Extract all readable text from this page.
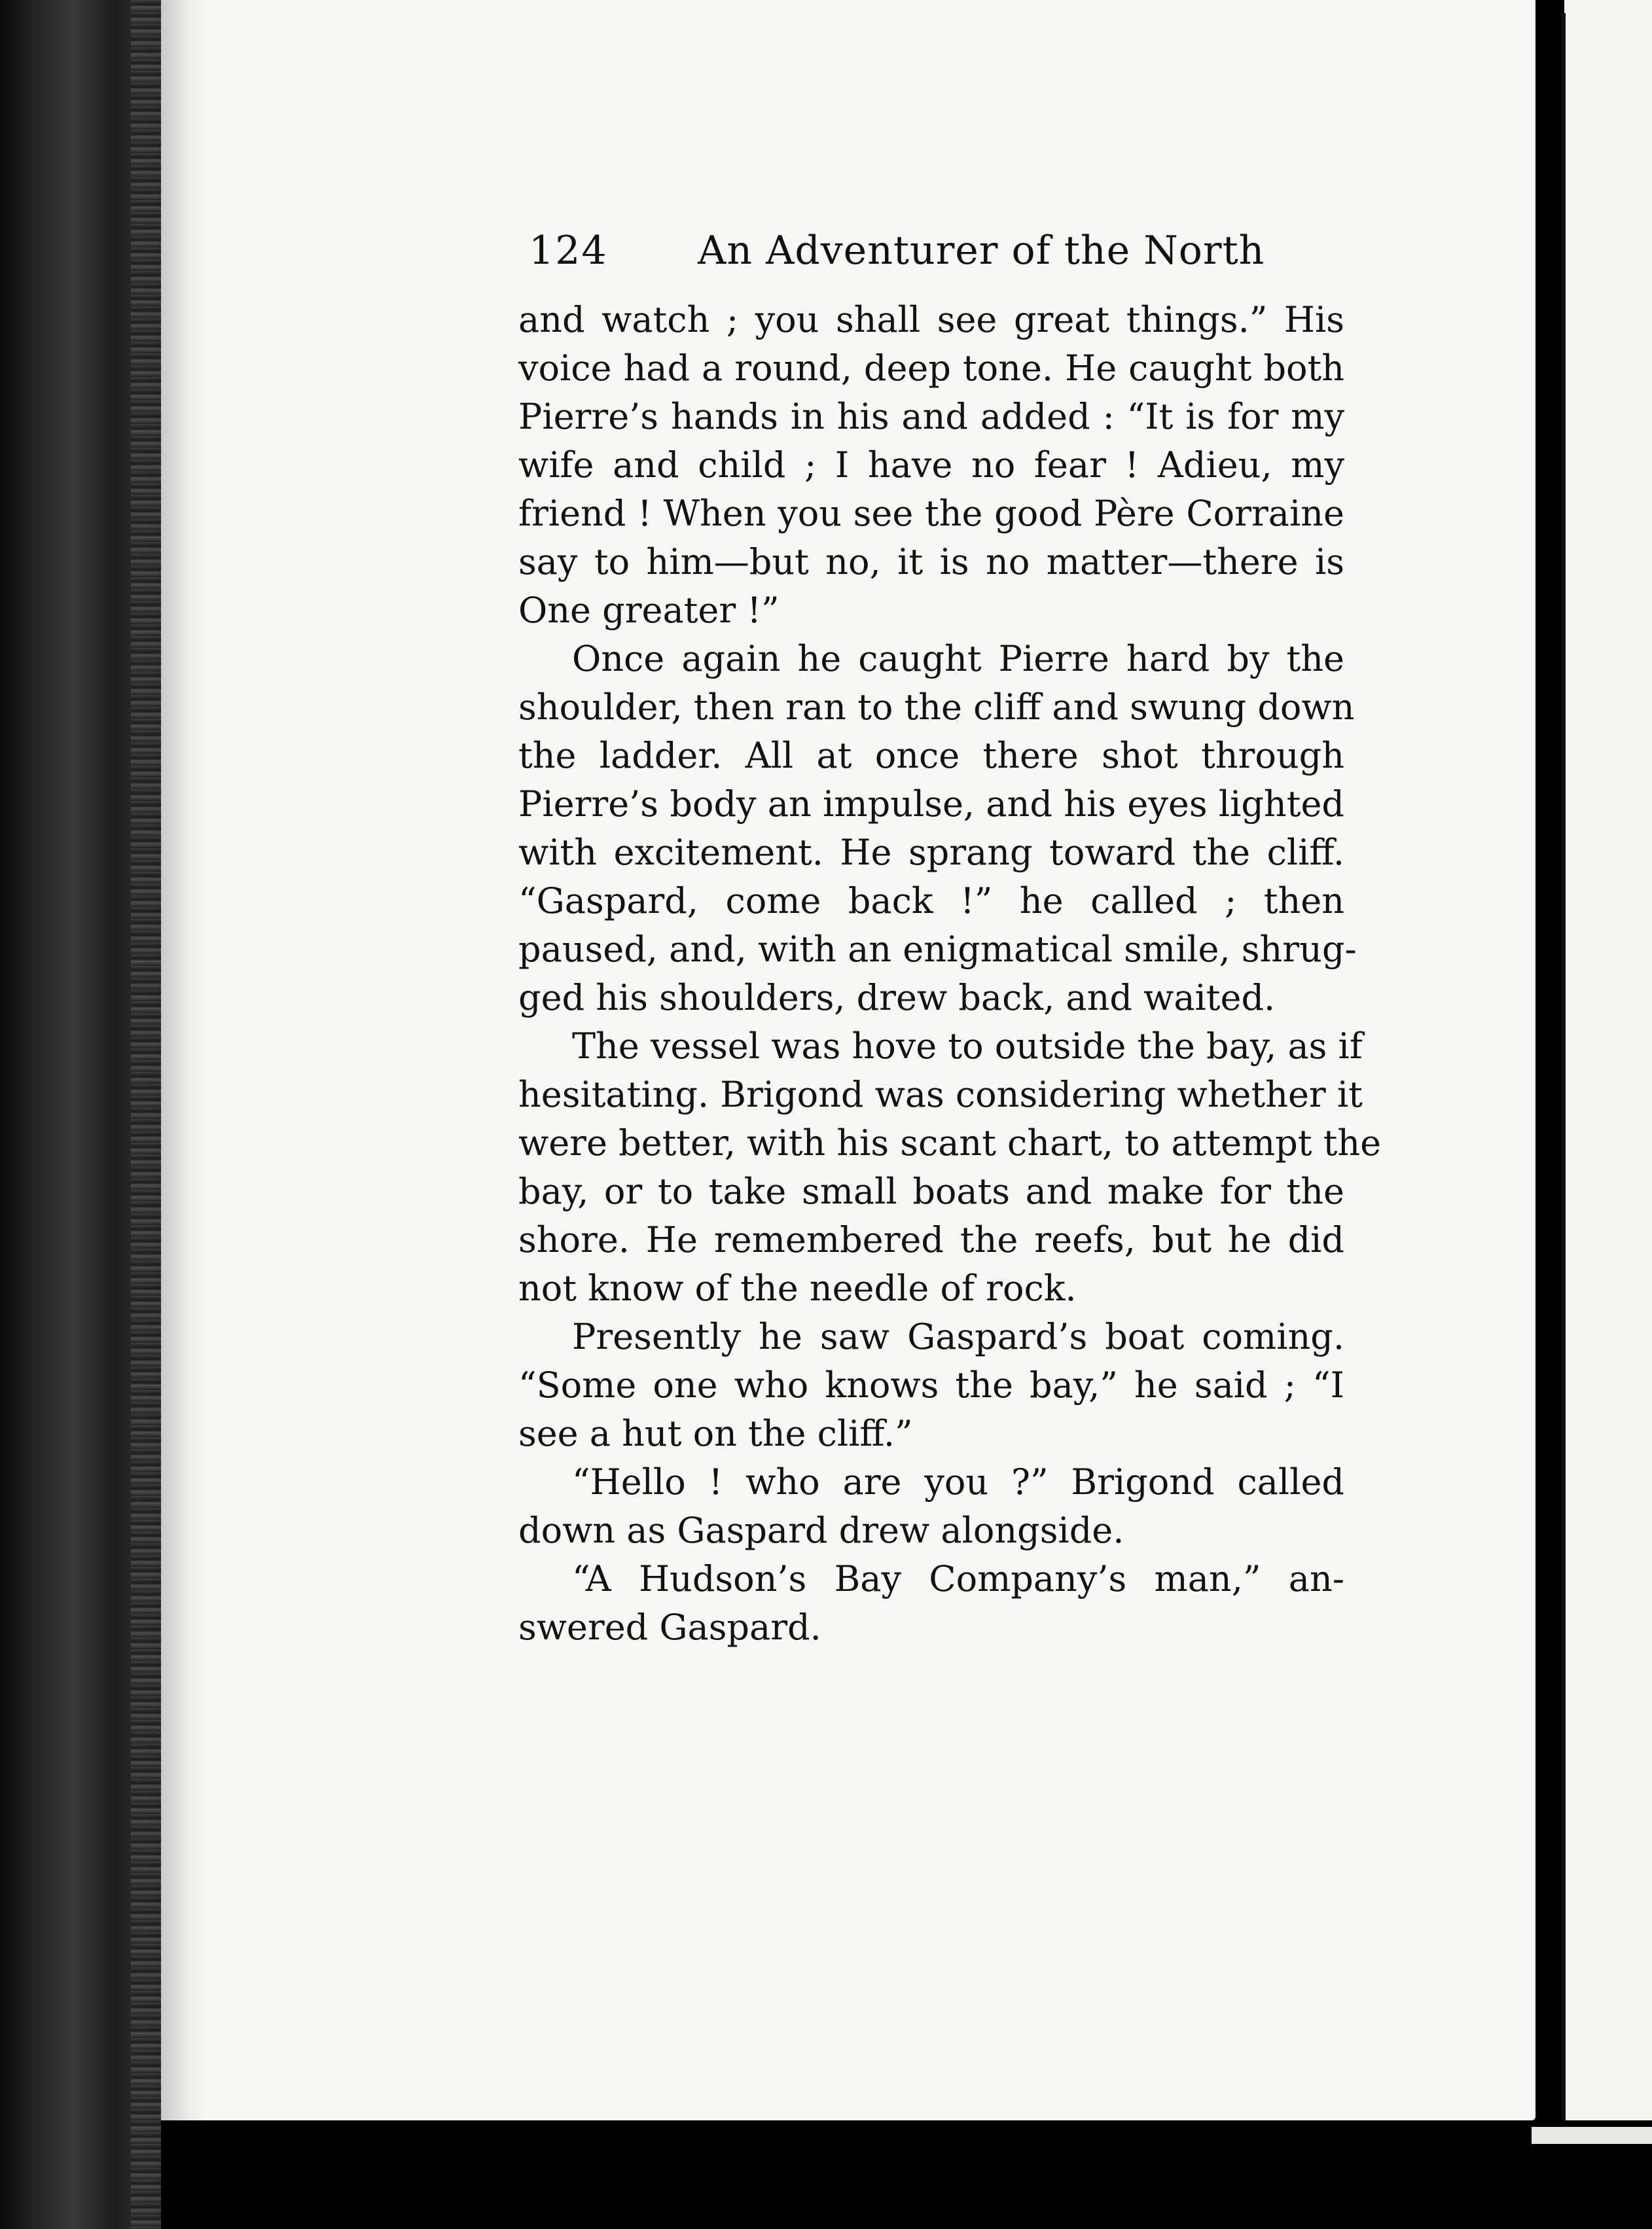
124 An Adventurer of the North
and watch ; you shall see great things.” His
voice had a round, deep tone. He caught both
Pierre’s hands in his and added : “It is for my
wife and child ; I have no fear ! Adieu, my
friend ! When you see the good Père Corraine
say to him—but no, it is no matter—there is
One greater !”
Once again he caught Pierre hard by the
shoulder, then ran to the cliff and swung down
the ladder. All at once there shot through
Pierre’s body an impulse, and his eyes lighted
with excitement. He sprang toward the cliff.
“Gaspard, come back !” he called ; then
paused, and, with an enigmatical smile, shrug-
ged his shoulders, drew back, and waited.
The vessel was hove to outside the bay, as if
hesitating. Brigond was considering whether it
were better, with his scant chart, to attempt the
bay, or to take small boats and make for the
shore. He remembered the reefs, but he did
not know of the needle of rock.
Presently he saw Gaspard’s boat coming.
“Some one who knows the bay,” he said ; “I
see a hut on the cliff.”
“Hello ! who are you ?” Brigond called
down as Gaspard drew alongside.
“A Hudson’s Bay Company’s man,” an-
swered Gaspard.
